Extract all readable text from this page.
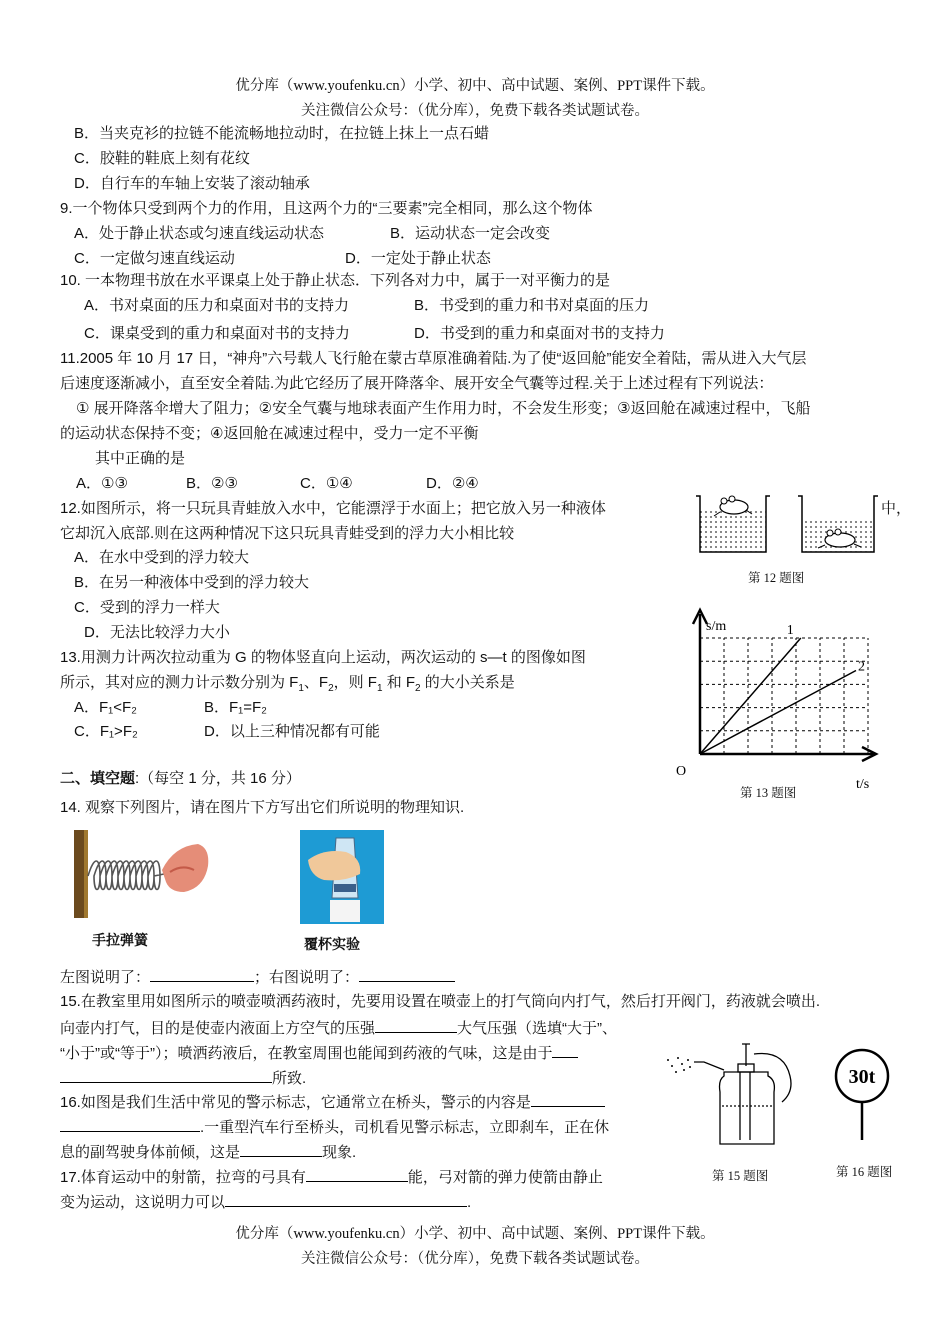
优分库（www.youfenku.cn）小学、初中、高中试题、案例、PPT课件下载。
关注微信公众号：（优分库），免费下载各类试题试卷。
B．当夹克衫的拉链不能流畅地拉动时，在拉链上抹上一点石蜡
C．胶鞋的鞋底上刻有花纹
D．自行车的车轴上安装了滚动轴承
9.一个物体只受到两个力的作用，且这两个力的“三要素”完全相同，那么这个物体
A．处于静止状态或匀速直线运动状态	B．运动状态一定会改变
C．一定做匀速直线运动	D．一定处于静止状态
10. 一本物理书放在水平课桌上处于静止状态．下列各对力中，属于一对平衡力的是
A．书对桌面的压力和桌面对书的支持力	B．书受到的重力和书对桌面的压力
C．课桌受到的重力和桌面对书的支持力	D．书受到的重力和桌面对书的支持力
11.2005 年 10 月 17 日，“神舟”六号载人飞行舱在蒙古草原准确着陆.为了使“返回舱”能安全着陆，需从进入大气层
后速度逐渐减小，直至安全着陆.为此它经历了展开降落伞、展开安全气囊等过程.关于上述过程有下列说法：
① 展开降落伞增大了阻力；②安全气囊与地球表面产生作用力时，不会发生形变；③返回舱在减速过程中，飞船
的运动状态保持不变；④返回舱在减速过程中，受力一定不平衡
其中正确的是
A．①③	B．②③	C．①④	D．②④
12.如图所示，将一只玩具青蛙放入水中，它能漂浮于水面上；把它放入另一种液体	中，
它却沉入底部.则在这两种情况下这只玩具青蛙受到的浮力大小相比较
A．在水中受到的浮力较大
B．在另一种液体中受到的浮力较大
C．受到的浮力一样大
D．无法比较浮力大小
第 12 题图
13.用测力计两次拉动重为 G 的物体竖直向上运动，两次运动的 s—t 的图像如图
所示，其对应的测力计示数分别为 $F_1$、$F_2$，则 $F_1$ 和 $F_2$ 的大小关系是
A．F₁<F₂	B．F₁=F₂
C．F₁>F₂	D．以上三种情况都有可能
1
2
s/m
t/s
O
第 13 题图
二、填空题:（每空 1 分，共 16 分）
14. 观察下列图片，请在图片下方写出它们所说明的物理知识.
手拉弹簧	覆杯实验
左图说明了：	；右图说明了：
15.在教室里用如图所示的喷壶喷洒药液时，先要用设置在喷壶上的打气筒向内打气，然后打开阀门，药液就会喷出.
向壶内打气，目的是使壶内液面上方空气的压强	大气压强（选填“大于”、
“小于”或“等于”）；喷洒药液后，在教室周围也能闻到药液的气味，这是由于
所致.
第 15 题图
16.如图是我们生活中常见的警示标志，它通常立在桥头，警示的内容是
.一重型汽车行至桥头，司机看见警示标志，立即刹车，正在休
息的副驾驶身体前倾，这是	现象.
30t
第 16 题图
17.体育运动中的射箭，拉弯的弓具有	能，弓对箭的弹力使箭由静止
变为运动，这说明力可以	.
优分库（www.youfenku.cn）小学、初中、高中试题、案例、PPT课件下载。
关注微信公众号：（优分库），免费下载各类试题试卷。
